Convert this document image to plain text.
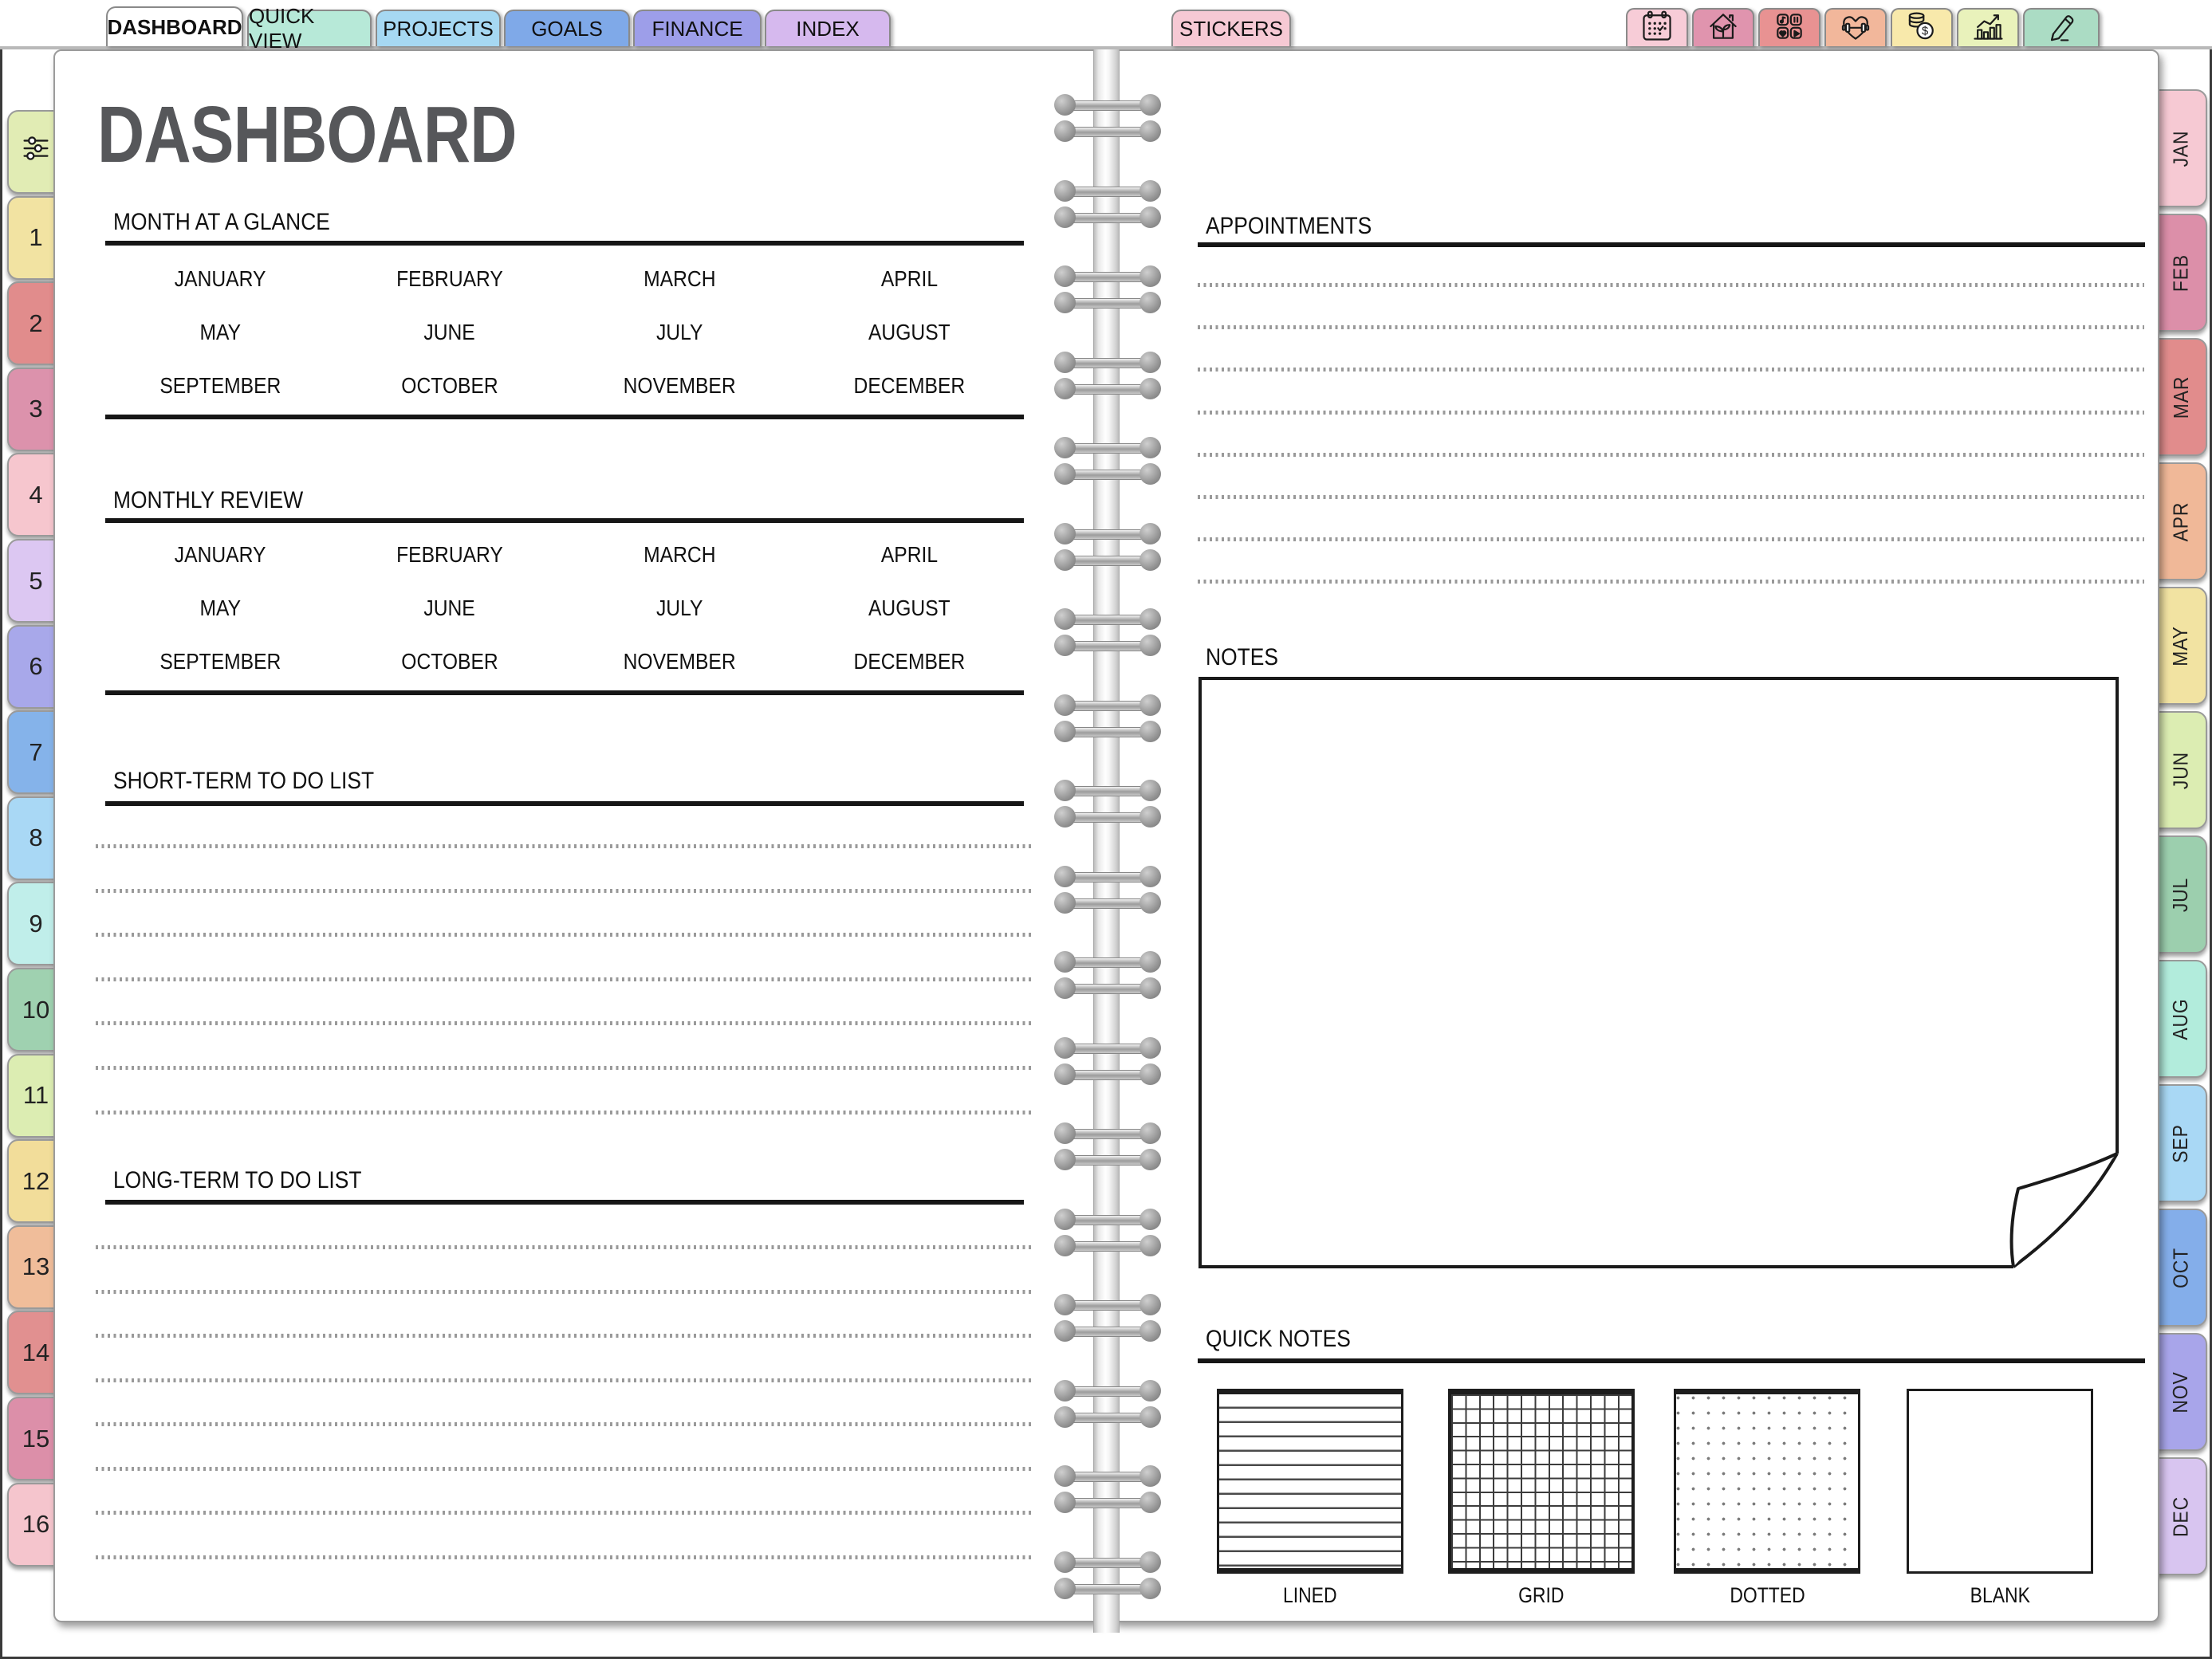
DASHBOARD QUICK VIEW
PROJECTS GOALS FINANCE	INDEX	STICKERS	$
1
2
3
4
5
6
7
8
9
10
11
12
13
14
15
16
JAN
FEB
MAR
APR
MAY
JUN
JUL
AUG
SEP
OCT
NOV
DEC
DASHBOARD
MONTH AT A GLANCE
JANUARY	FEBRUARY	MARCH	APRIL
MAY	JUNE	JULY	AUGUST
SEPTEMBER	OCTOBER	NOVEMBER	DECEMBER
MONTHLY REVIEW
JANUARY	FEBRUARY	MARCH	APRIL
MAY	JUNE	JULY	AUGUST
SEPTEMBER	OCTOBER	NOVEMBER	DECEMBER
SHORT-TERM TO DO LIST
LONG-TERM TO DO LIST
APPOINTMENTS
NOTES
QUICK NOTES
LINED	GRID	DOTTED	BLANK
